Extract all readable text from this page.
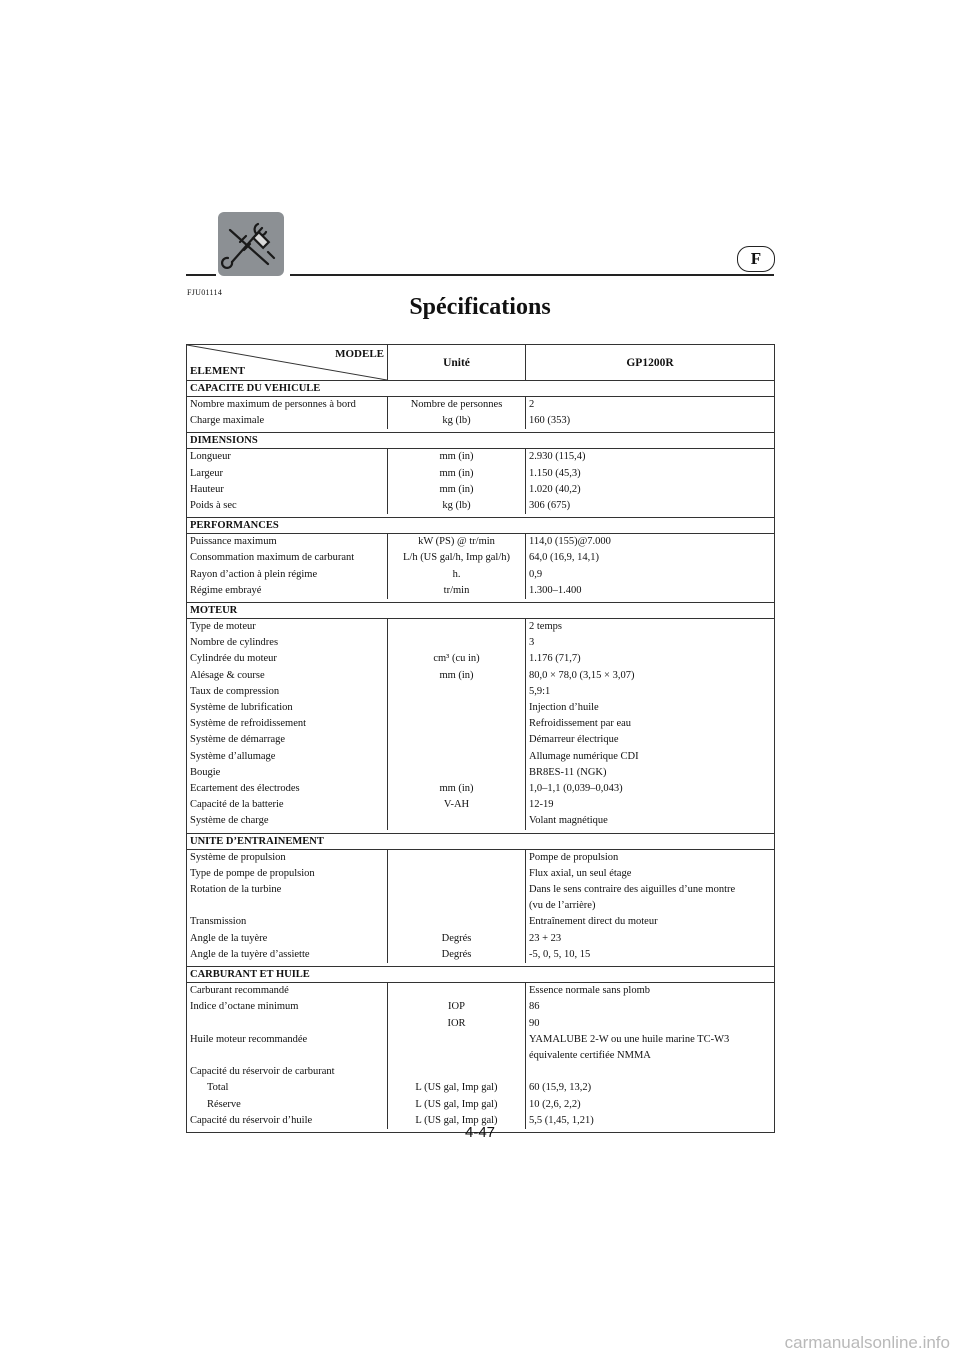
F
FJU01114
Spécifications
MODELE
ELEMENT	Unité	GP1200R
CAPACITE DU VEHICULE		
Nombre maximum de personnes à bord	Nombre de personnes	2

Charge maximale	kg (lb)	160 (353)

DIMENSIONS		
Longueur	mm (in)	2.930 (115,4)

Largeur	mm (in)	1.150 (45,3)

Hauteur	mm (in)	1.020 (40,2)

Poids à sec	kg (lb)	306 (675)

PERFORMANCES		
Puissance maximum	kW (PS) @ tr/min	114,0 (155)@7.000

Consommation maximum de carburant	L/h (US gal/h, Imp gal/h)	64,0 (16,9, 14,1)

Rayon d’action à plein régime	h.	0,9

Régime embrayé	tr/min	1.300–1.400

MOTEUR		
Type de moteur		2 temps

Nombre de cylindres		3

Cylindrée du moteur	cm³ (cu in)	1.176 (71,7)

Alésage & course	mm (in)	80,0 × 78,0 (3,15 × 3,07)

Taux de compression		5,9:1

Système de lubrification		Injection d’huile

Système de refroidissement		Refroidissement par eau

Système de démarrage		Démarreur électrique

Système d’allumage		Allumage numérique CDI

Bougie		BR8ES-11 (NGK)

Ecartement des électrodes	mm (in)	1,0–1,1 (0,039–0,043)

Capacité de la batterie	V-AH	12-19

Système de charge		Volant magnétique

UNITE D’ENTRAINEMENT		
Système de propulsion		Pompe de propulsion

Type de pompe de propulsion		Flux axial, un seul étage

Rotation de la turbine		Dans le sens contraire des aiguilles d’une montre
(vu de l’arrière)

Transmission		Entraînement direct du moteur

Angle de la tuyère	Degrés	23 + 23

Angle de la tuyère d’assiette	Degrés	-5, 0, 5, 10, 15

CARBURANT ET HUILE		
Carburant recommandé		Essence normale sans plomb

Indice d’octane minimum	IOP	86

	IOR	90

Huile moteur recommandée		YAMALUBE 2-W ou une huile marine TC-W3
équivalente certifiée NMMA

Capacité du réservoir de carburant		

Total	L (US gal, Imp gal)	60 (15,9, 13,2)

Réserve	L (US gal, Imp gal)	10 (2,6, 2,2)

Capacité du réservoir d’huile	L (US gal, Imp gal)	5,5 (1,45, 1,21)

4-47
carmanualsonline.info
